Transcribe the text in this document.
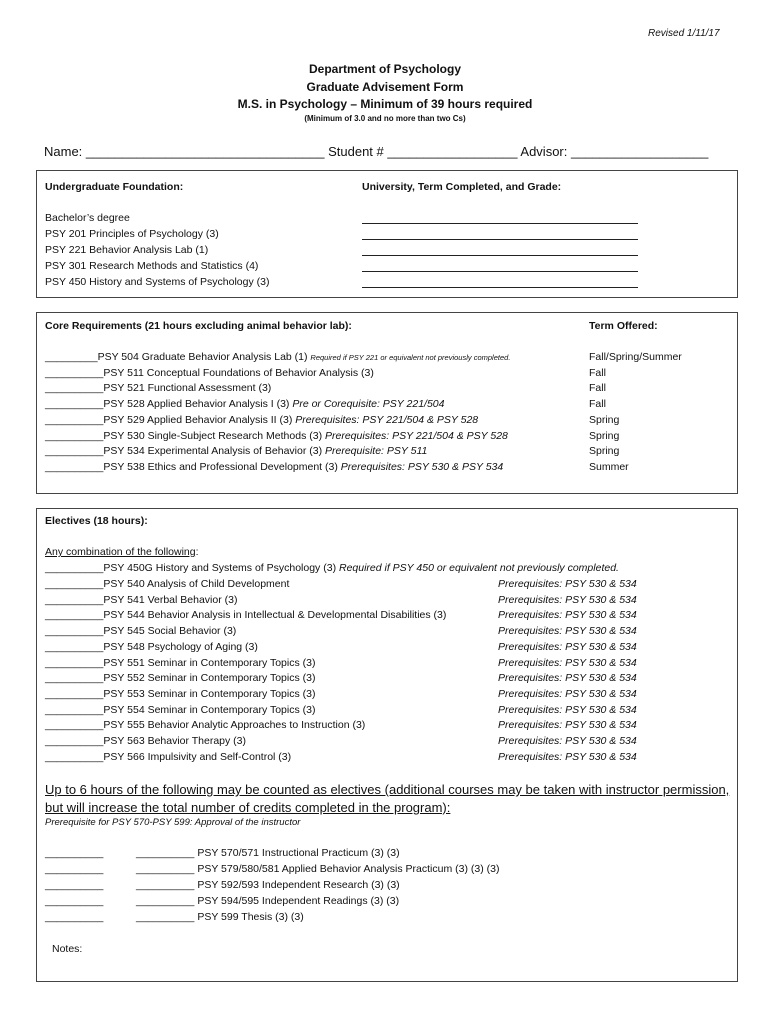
Revised 1/11/17
Department of Psychology
Graduate Advisement Form
M.S. in Psychology – Minimum of 39 hours required
(Minimum of 3.0 and no more than two Cs)
Name: _________________________________ Student # __________________ Advisor: ___________________
Undergraduate Foundation:	University, Term Completed, and Grade:
Bachelor’s degree
PSY 201 Principles of Psychology (3)
PSY 221 Behavior Analysis Lab (1)
PSY 301 Research Methods and Statistics (4)
PSY 450 History and Systems of Psychology (3)
Core Requirements (21 hours excluding animal behavior lab):	Term Offered:
_________PSY 504 Graduate Behavior Analysis Lab (1) Required if PSY 221 or equivalent not previously completed.	Fall/Spring/Summer
__________PSY 511 Conceptual Foundations of Behavior Analysis (3)	Fall
__________PSY 521 Functional Assessment (3)	Fall
__________PSY 528 Applied Behavior Analysis I (3) Pre or Corequisite: PSY 221/504	Fall
__________PSY 529 Applied Behavior Analysis II (3) Prerequisites: PSY 221/504 & PSY 528	Spring
__________PSY 530 Single-Subject Research Methods (3) Prerequisites: PSY 221/504 & PSY 528	Spring
__________PSY 534 Experimental Analysis of Behavior (3) Prerequisite: PSY 511	Spring
__________PSY 538 Ethics and Professional Development (3) Prerequisites: PSY 530 & PSY 534	Summer
Electives (18 hours):
Any combination of the following:
__________PSY 450G History and Systems of Psychology (3) Required if PSY 450 or equivalent not previously completed.
__________PSY 540 Analysis of Child Development	Prerequisites: PSY 530 & 534
__________PSY 541 Verbal Behavior (3)	Prerequisites: PSY 530 & 534
__________PSY 544 Behavior Analysis in Intellectual & Developmental Disabilities (3)	Prerequisites: PSY 530 & 534
__________PSY 545 Social Behavior (3)	Prerequisites: PSY 530 & 534
__________PSY 548 Psychology of Aging (3)	Prerequisites: PSY 530 & 534
__________PSY 551 Seminar in Contemporary Topics (3)	Prerequisites: PSY 530 & 534
__________PSY 552 Seminar in Contemporary Topics (3)	Prerequisites: PSY 530 & 534
__________PSY 553 Seminar in Contemporary Topics (3)	Prerequisites: PSY 530 & 534
__________PSY 554 Seminar in Contemporary Topics (3)	Prerequisites: PSY 530 & 534
__________PSY 555 Behavior Analytic Approaches to Instruction (3)	Prerequisites: PSY 530 & 534
__________PSY 563 Behavior Therapy (3)	Prerequisites: PSY 530 & 534
__________PSY 566 Impulsivity and Self-Control (3)	Prerequisites: PSY 530 & 534
Up to 6 hours of the following may be counted as electives (additional courses may be taken with instructor permission,
but will increase the total number of credits completed in the program):
Prerequisite for PSY 570-PSY 599: Approval of the instructor
__________	__________ PSY 570/571 Instructional Practicum (3) (3)
__________	__________ PSY 579/580/581 Applied Behavior Analysis Practicum (3) (3) (3)
__________	__________ PSY 592/593 Independent Research (3) (3)
__________	__________ PSY 594/595 Independent Readings (3) (3)
__________	__________ PSY 599 Thesis (3) (3)
Notes:
